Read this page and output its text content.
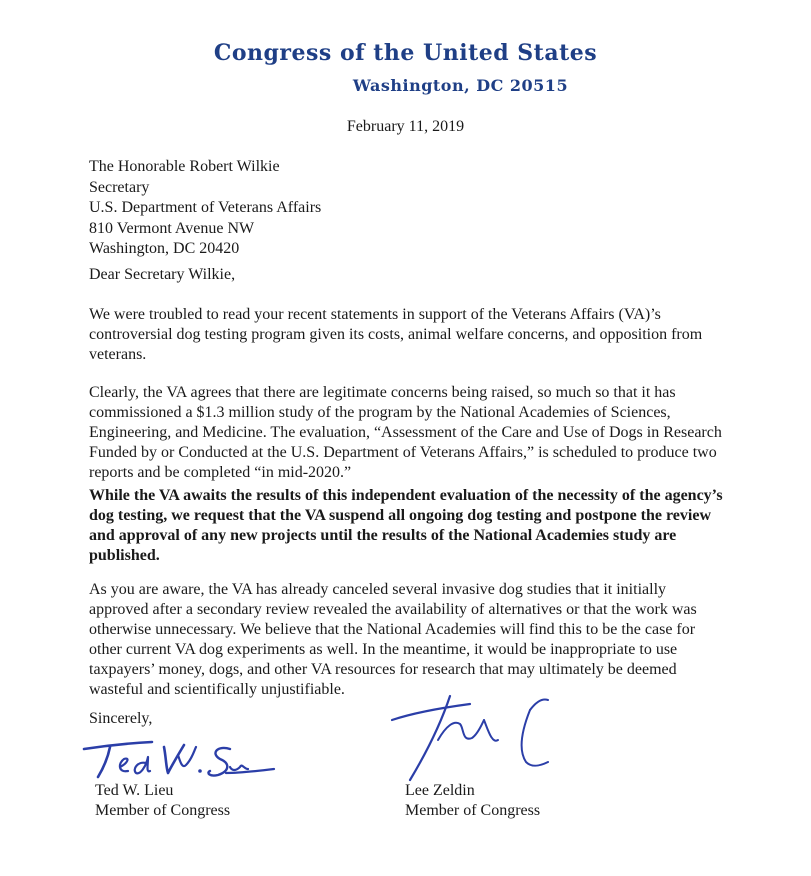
Congress of the United States
Washington, DC 20515
February 11, 2019
The Honorable Robert Wilkie
Secretary
U.S. Department of Veterans Affairs
810 Vermont Avenue NW
Washington, DC 20420
Dear Secretary Wilkie,
We were troubled to read your recent statements in support of the Veterans Affairs (VA)’s controversial dog testing program given its costs, animal welfare concerns, and opposition from veterans.
Clearly, the VA agrees that there are legitimate concerns being raised, so much so that it has commissioned a $1.3 million study of the program by the National Academies of Sciences, Engineering, and Medicine. The evaluation, “Assessment of the Care and Use of Dogs in Research Funded by or Conducted at the U.S. Department of Veterans Affairs,” is scheduled to produce two reports and be completed “in mid-2020.”
While the VA awaits the results of this independent evaluation of the necessity of the agency’s dog testing, we request that the VA suspend all ongoing dog testing and postpone the review and approval of any new projects until the results of the National Academies study are published.
As you are aware, the VA has already canceled several invasive dog studies that it initially approved after a secondary review revealed the availability of alternatives or that the work was otherwise unnecessary. We believe that the National Academies will find this to be the case for other current VA dog experiments as well. In the meantime, it would be inappropriate to use taxpayers’ money, dogs, and other VA resources for research that may ultimately be deemed wasteful and scientifically unjustifiable.
Sincerely,
Ted W. Lieu
Member of Congress
Lee Zeldin
Member of Congress
